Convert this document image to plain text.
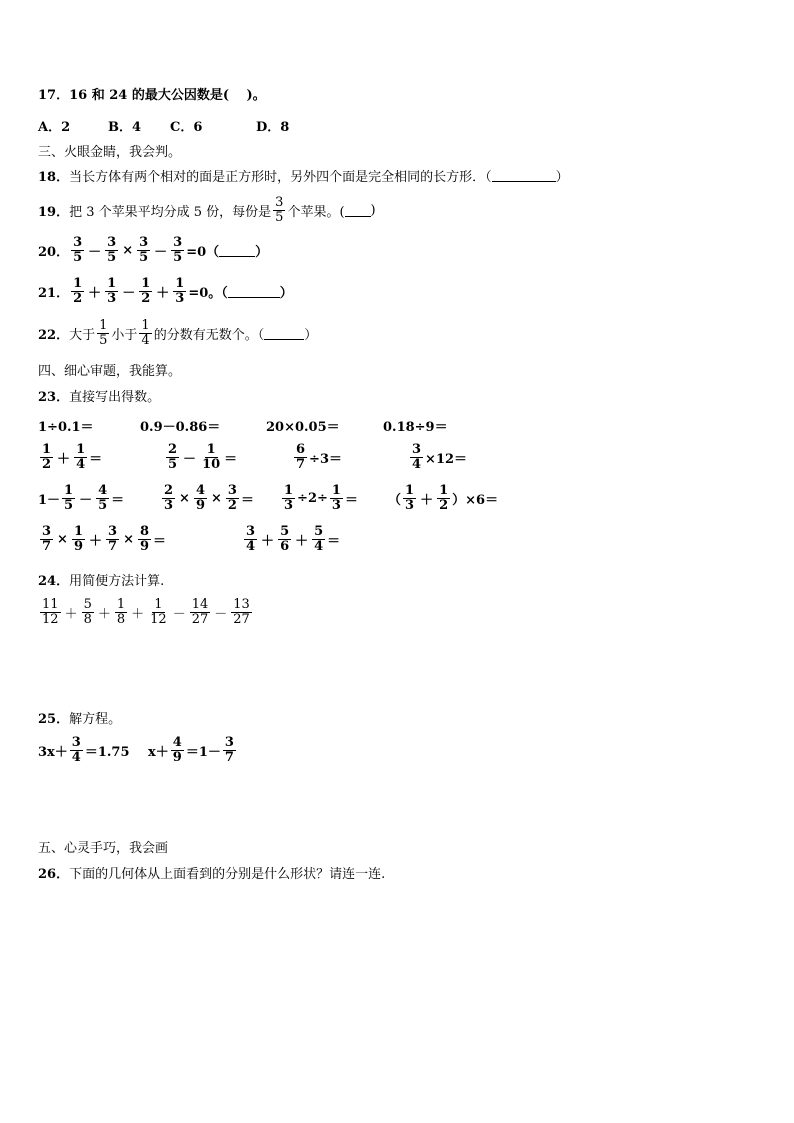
17． 16 和 24 的最大公因数是(　 )。
A．2	B．4 C．6	D．8
三、火眼金睛，我会判。
18． 当长方体有两个相对的面是正方形时，另外四个面是完全相同的长方形．（	）
19． 把 3 个苹果平均分成 5 份，每份是 $\frac{3}{5}$ 个苹果。( )
20． $\frac{3}{5} - \frac{3}{5} \times \frac{3}{5} - \frac{3}{5} =0$（	）
21． $\frac{1}{2} + \frac{1}{3} - \frac{1}{2} + \frac{1}{3} =0$。（	）
22． 大于 $\frac{1}{5}$ 小于 $\frac{1}{4}$ 的分数有无数个。（	）
四、细心审题，我能算。
23． 直接写出得数。
1÷0.1＝	0.9－0.86＝	20×0.05＝	0.18÷9＝
$\frac{1}{2} + \frac{1}{4}$ ＝	$\frac{2}{5} - \frac{1}{10}$ ＝	$\frac{6}{7} \div 3=$	$\frac{3}{4} \times 12=$
$1- \frac{1}{5} - \frac{4}{5}$ ＝	$\frac{2}{3} \times \frac{4}{9} \times \frac{3}{2} = \frac{1}{3} \div 2\div \frac{1}{3}$ ＝ （ $\frac{1}{3} + \frac{1}{2} )\times 6=$
$\frac{3}{7} \times \frac{1}{9} + \frac{3}{7} \times \frac{8}{9}$ ＝	$\frac{3}{4} + \frac{5}{6} + \frac{5}{4}$ ＝
24． 用简便方法计算.
$\frac{11}{12} + \frac{5}{8} + \frac{1}{8} + \frac{1}{12} - \frac{14}{27} - \frac{13}{27}$
25． 解方程。
$3x+ \frac{3}{4} =1.75$ $x+ \frac{4}{9} =1- \frac{3}{7}$
五、心灵手巧，我会画
26． 下面的几何体从上面看到的分别是什么形状？请连一连.
